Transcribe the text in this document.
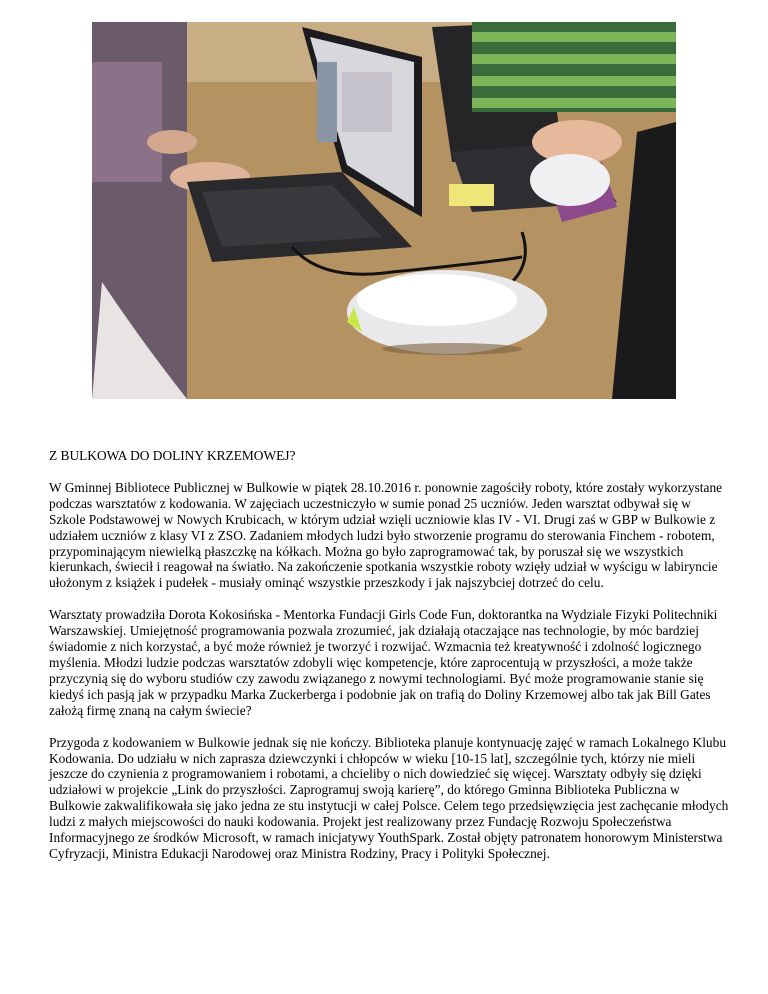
Z BULKOWA DO DOLINY KRZEMOWEJ?

W Gminnej Bibliotece Publicznej w Bulkowie w piątek 28.10.2016 r. ponownie zagościły roboty, które zostały wykorzystane podczas warsztatów z kodowania. W zajęciach uczestniczyło w sumie ponad 25 uczniów. Jeden warsztat odbywał się w Szkole Podstawowej w Nowych Krubicach, w którym udział wzięli uczniowie klas IV - VI. Drugi zaś w GBP w Bulkowie z udziałem uczniów z klasy VI z ZSO. Zadaniem młodych ludzi było stworzenie programu do sterowania Finchem - robotem, przypominającym niewielką płaszczkę na kółkach. Można go było zaprogramować tak, by poruszał się we wszystkich kierunkach, świecił i reagował na światło. Na zakończenie spotkania wszystkie roboty wzięły udział w wyścigu w labiryncie ułożonym z książek i pudełek - musiały ominąć wszystkie przeszkody i jak najszybciej dotrzeć do celu.

Warsztaty prowadziła Dorota Kokosińska - Mentorka Fundacji Girls Code Fun, doktorantka na Wydziale Fizyki Politechniki Warszawskiej. Umiejętność programowania pozwala zrozumieć, jak działają otaczające nas technologie, by móc bardziej świadomie z nich korzystać, a być może również je tworzyć i rozwijać. Wzmacnia też kreatywność i zdolność logicznego myślenia. Młodzi ludzie podczas warsztatów zdobyli więc kompetencje, które zaprocentują w przyszłości, a może także przyczynią się do wyboru studiów czy zawodu związanego z nowymi technologiami. Być może programowanie stanie się kiedyś ich pasją jak w przypadku Marka Zuckerberga i podobnie jak on trafią do Doliny Krzemowej albo tak jak Bill Gates założą firmę znaną na całym świecie?

Przygoda z kodowaniem w Bulkowie jednak się nie kończy. Biblioteka planuje kontynuację zajęć w ramach Lokalnego Klubu Kodowania. Do udziału w nich zaprasza dziewczynki i chłopców w wieku [10-15 lat], szczególnie tych, którzy nie mieli jeszcze do czynienia z programowaniem i robotami, a chcieliby o nich dowiedzieć się więcej. Warsztaty odbyły się dzięki udziałowi w projekcie „Link do przyszłości. Zaprogramuj swoją karierę”, do którego Gminna Biblioteka Publiczna w Bulkowie zakwalifikowała się jako jedna ze stu instytucji w całej Polsce. Celem tego przedsięwzięcia jest zachęcanie młodych ludzi z małych miejscowości do nauki kodowania. Projekt jest realizowany przez Fundację Rozwoju Społeczeństwa Informacyjnego ze środków Microsoft, w ramach inicjatywy YouthSpark. Został objęty patronatem honorowym Ministerstwa Cyfryzacji, Ministra Edukacji Narodowej oraz Ministra Rodziny, Pracy i Polityki Społecznej.
